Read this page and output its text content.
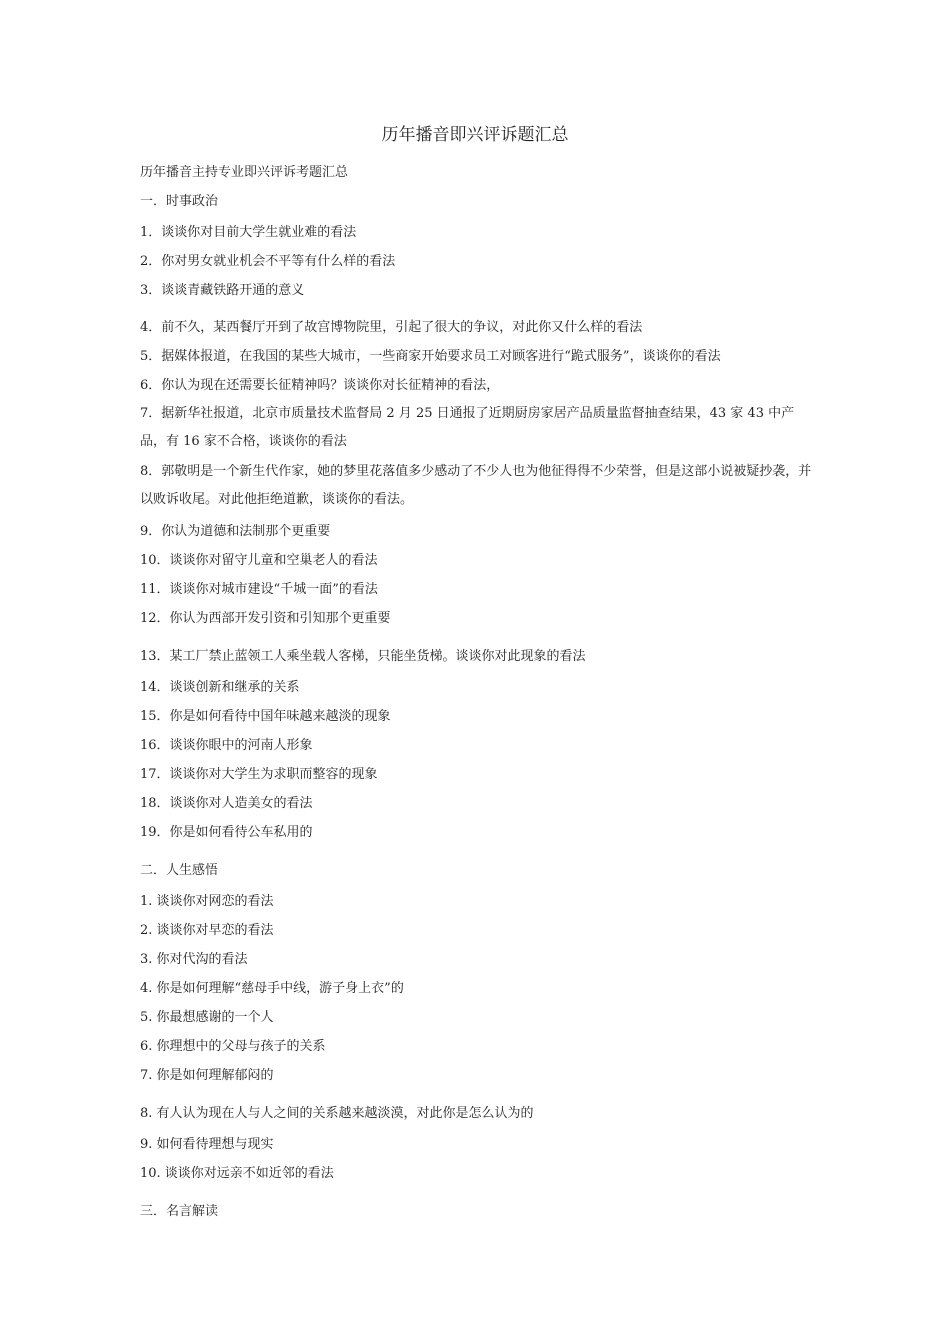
历年播音即兴评诉题汇总
历年播音主持专业即兴评诉考题汇总
一．时事政治
1．谈谈你对目前大学生就业难的看法
2．你对男女就业机会不平等有什么样的看法
3．谈谈青藏铁路开通的意义
4．前不久，某西餐厅开到了故宫博物院里，引起了很大的争议，对此你又什么样的看法
5．据媒体报道，在我国的某些大城市，一些商家开始要求员工对顾客进行“跪式服务”，谈谈你的看法
6．你认为现在还需要长征精神吗？谈谈你对长征精神的看法，
7．据新华社报道，北京市质量技术监督局 2 月 25 日通报了近期厨房家居产品质量监督抽查结果，43 家 43 中产品，有 16 家不合格，谈谈你的看法
8．郭敬明是一个新生代作家，她的梦里花落值多少感动了不少人也为他征得得不少荣誉，但是这部小说被疑抄袭，并以败诉收尾。对此他拒绝道歉，谈谈你的看法。
9．你认为道德和法制那个更重要
10．谈谈你对留守儿童和空巢老人的看法
11．谈谈你对城市建设“千城一面”的看法
12．你认为西部开发引资和引知那个更重要
13．某工厂禁止蓝领工人乘坐载人客梯，只能坐货梯。谈谈你对此现象的看法
14．谈谈创新和继承的关系
15．你是如何看待中国年味越来越淡的现象
16．谈谈你眼中的河南人形象
17．谈谈你对大学生为求职而整容的现象
18．谈谈你对人造美女的看法
19．你是如何看待公车私用的
二．人生感悟
1. 谈谈你对网恋的看法
2. 谈谈你对早恋的看法
3. 你对代沟的看法
4. 你是如何理解“慈母手中线，游子身上衣”的
5. 你最想感谢的一个人
6. 你理想中的父母与孩子的关系
7. 你是如何理解郁闷的
8. 有人认为现在人与人之间的关系越来越淡漠，对此你是怎么认为的
9. 如何看待理想与现实
10. 谈谈你对远亲不如近邻的看法
三．名言解读
